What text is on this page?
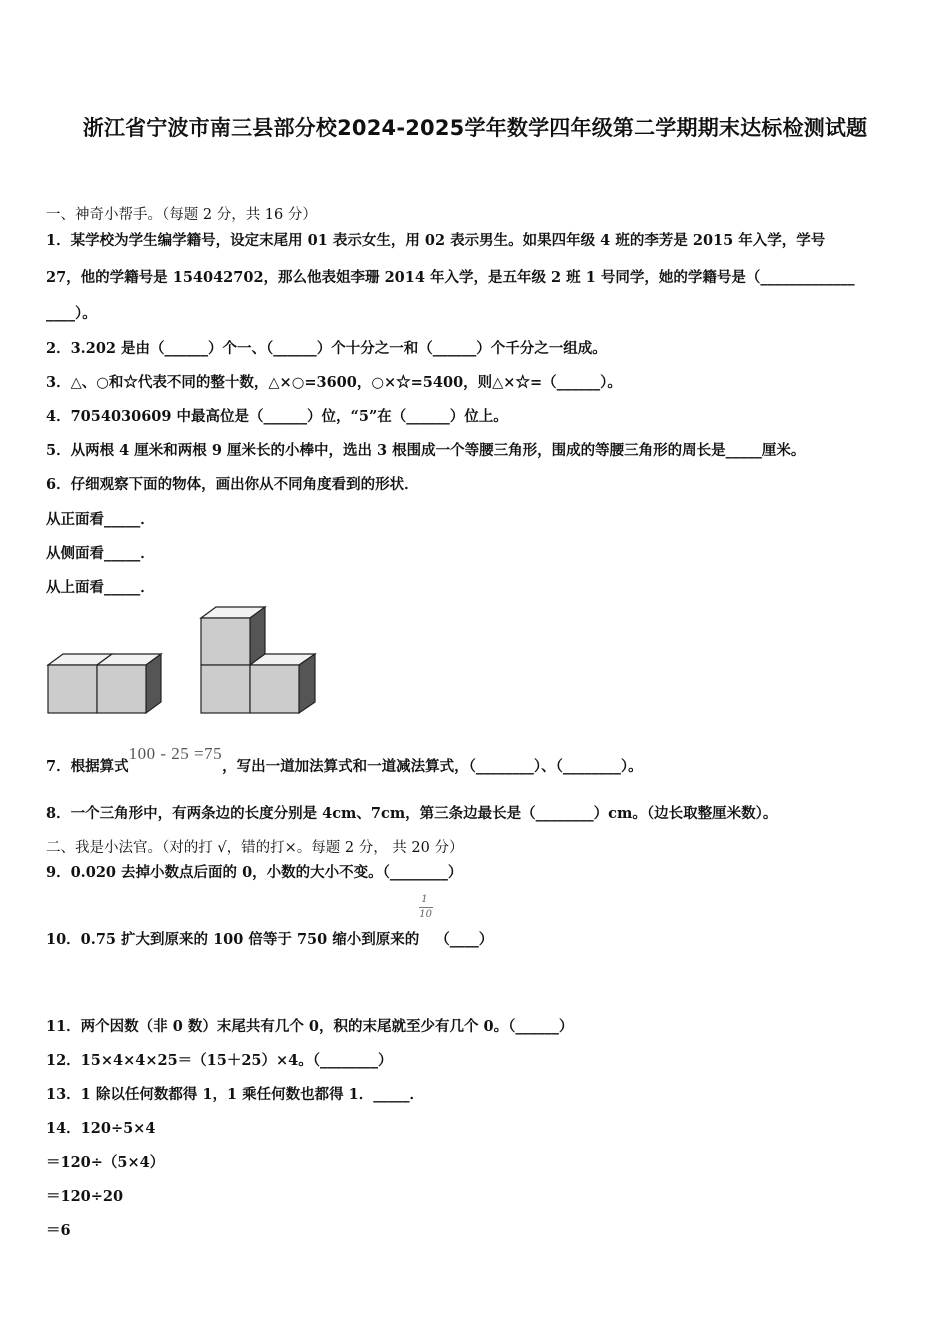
浙江省宁波市南三县部分校2024-2025学年数学四年级第二学期期末达标检测试题
一、神奇小帮手。（每题 2 分，共 16 分）
1．某学校为学生编学籍号，设定末尾用 01 表示女生，用 02 表示男生。如果四年级 4 班的李芳是 2015 年入学，学号
27，他的学籍号是 154042702，那么他表姐李珊 2014 年入学，是五年级 2 班 1 号同学，她的学籍号是（_____________
____）。
2．3.202 是由（______）个一、（______）个十分之一和（______）个千分之一组成。
3．△、○和☆代表不同的整十数，△×○=3600，○×☆=5400，则△×☆=（______）。
4．7054030609 中最高位是（______）位，“5”在（______）位上。
5．从两根 4 厘米和两根 9 厘米长的小棒中，选出 3 根围成一个等腰三角形，围成的等腰三角形的周长是_____厘米。
6．仔细观察下面的物体，画出你从不同角度看到的形状．
从正面看_____．
从侧面看_____．
从上面看_____．
7．根据算式100 - 25 =75，写出一道加法算式和一道减法算式，（________）、（________）。
8．一个三角形中，有两条边的长度分别是 4cm、7cm，第三条边最长是（________）cm。（边长取整厘米数）。
二、我是小法官。（对的打 √，错的打×。每题 2 分， 共 20 分）
9．0.020 去掉小数点后面的 0，小数的大小不变。（________）
10．0.75 扩大到原来的 100 倍等于 750 缩小到原来的 $\frac{1}{10}$ （____）
11．两个因数（非 0 数）末尾共有几个 0，积的末尾就至少有几个 0。（______）
12．15×4×4×25＝（15＋25）×4。（________）
13．1 除以任何数都得 1，1 乘任何数也都得 1．_____．
14．120÷5×4
＝120÷（5×4）
＝120÷20
＝6
